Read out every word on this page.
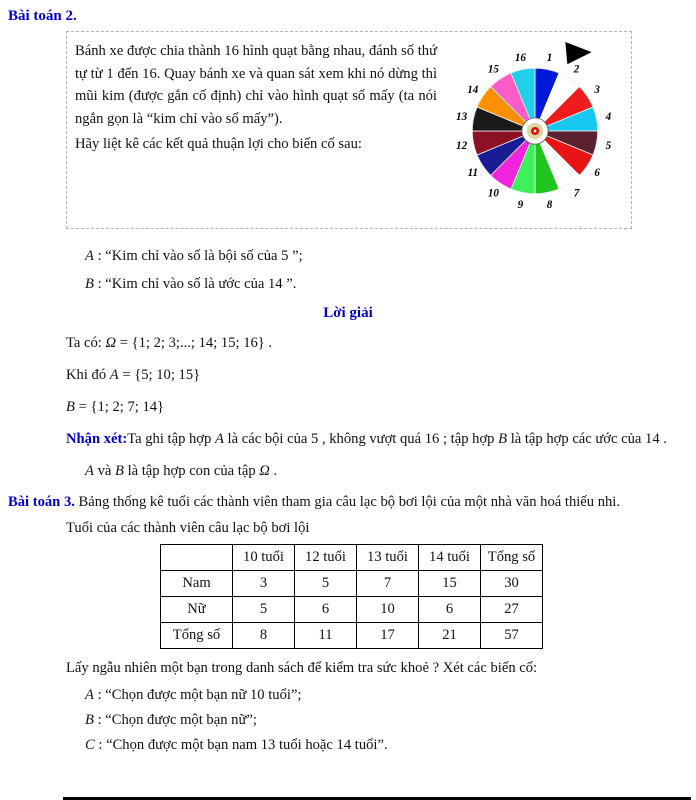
Bài toán 2.

Bánh xe được chia thành 16 hình quạt bằng nhau, đánh số thứ tự từ 1 đến 16. Quay bánh xe và quan sát xem khi nó dừng thì mũi kim (được gắn cố định) chỉ vào hình quạt số mấy (ta nói ngắn gọn là “kim chỉ vào số mấy”).

Hãy liệt kê các kết quả thuận lợi cho biến cố sau:

1
2
3
4
5
6
7
8
9
10
11
12
13
14
15
16

A : “Kim chỉ vào số là bội số của 5 ”;

B : “Kim chỉ vào số là ước của 14 ”.

Lời giải

Ta có: Ω = {1; 2; 3;...; 14; 15; 16} .

Khi đó A = {5; 10; 15}

B = {1; 2; 7; 14}

Nhận xét:Ta ghi tập hợp A là các bội của 5 , không vượt quá 16 ; tập hợp B là tập hợp các ước của 14 .

A và B là tập hợp con của tập Ω .

Bài toán 3. Bảng thống kê tuổi các thành viên tham gia câu lạc bộ bơi lội của một nhà văn hoá thiếu nhi.

Tuổi của các thành viên câu lạc bộ bơi lội

	10 tuổi	12 tuổi	13 tuổi	14 tuổi	Tổng số
Nam	3	5	7	15	30
Nữ	5	6	10	6	27
Tổng số	8	11	17	21	57

Lấy ngẫu nhiên một bạn trong danh sách để kiểm tra sức khoẻ ? Xét các biến cố:

A : “Chọn được một bạn nữ 10 tuổi”;

B : “Chọn được một bạn nữ”;

C : “Chọn được một bạn nam 13 tuổi hoặc 14 tuổi”.
